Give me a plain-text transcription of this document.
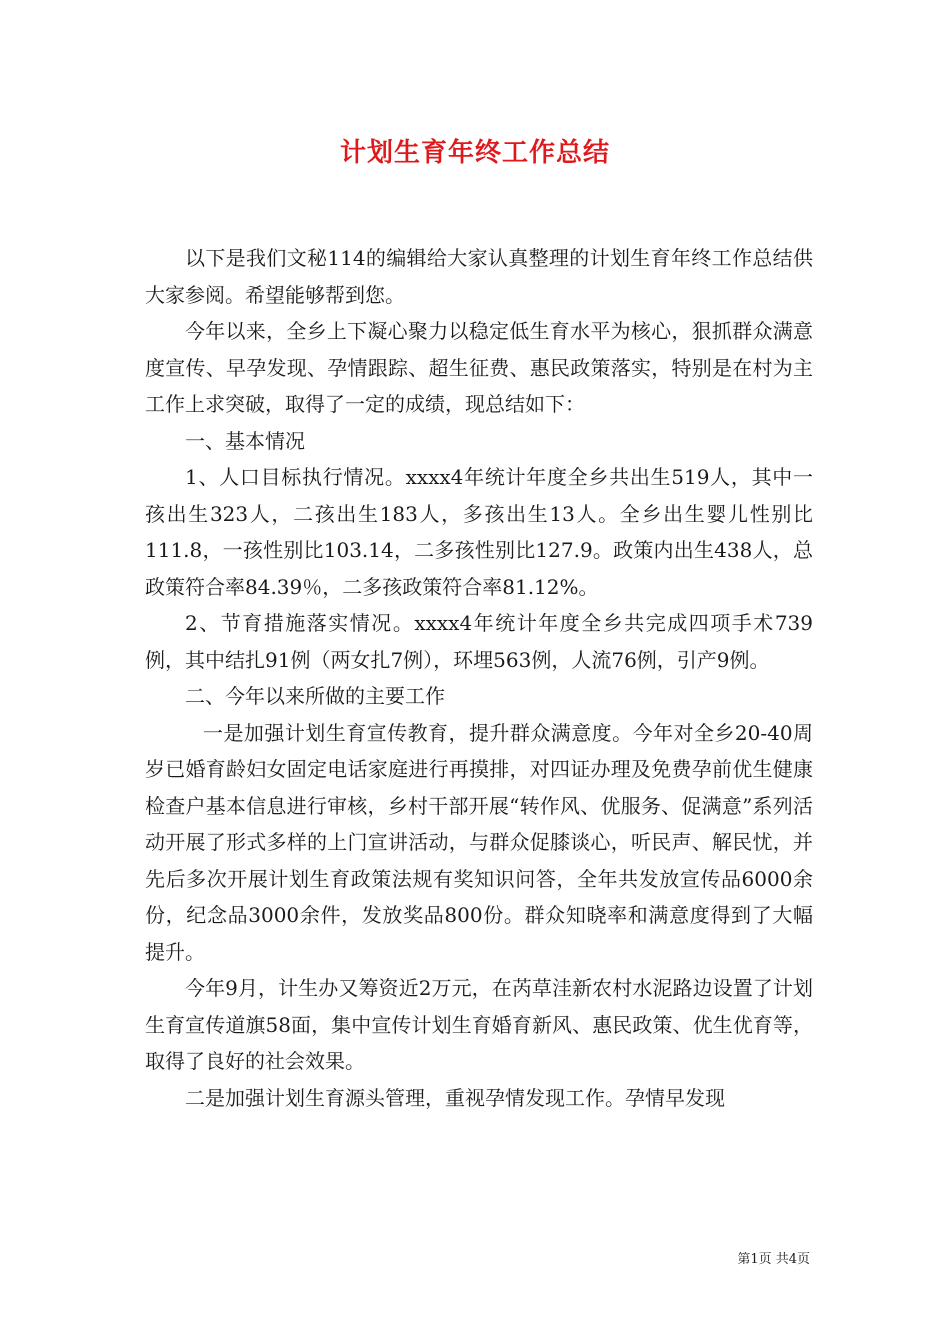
计划生育年终工作总结

以下是我们文秘114的编辑给大家认真整理的计划生育年终工作总结供大家参阅。希望能够帮到您。

今年以来，全乡上下凝心聚力以稳定低生育水平为核心，狠抓群众满意度宣传、早孕发现、孕情跟踪、超生征费、惠民政策落实，特别是在村为主工作上求突破，取得了一定的成绩，现总结如下：

一、基本情况

1、人口目标执行情况。xxxx4年统计年度全乡共出生519人，其中一孩出生323人，二孩出生183人，多孩出生13人。全乡出生婴儿性别比111.8，一孩性别比103.14，二多孩性别比127.9。政策内出生438人，总政策符合率84.39％，二多孩政策符合率81.12%。

2、节育措施落实情况。xxxx4年统计年度全乡共完成四项手术739例，其中结扎91例（两女扎7例），环埋563例，人流76例，引产9例。

二、今年以来所做的主要工作

一是加强计划生育宣传教育，提升群众满意度。今年对全乡20-40周岁已婚育龄妇女固定电话家庭进行再摸排，对四证办理及免费孕前优生健康检查户基本信息进行审核，乡村干部开展“转作风、优服务、促满意”系列活动开展了形式多样的上门宣讲活动，与群众促膝谈心，听民声、解民忧，并先后多次开展计划生育政策法规有奖知识问答，全年共发放宣传品6000余份，纪念品3000余件，发放奖品800份。群众知晓率和满意度得到了大幅提升。

今年9月，计生办又筹资近2万元，在芮草洼新农村水泥路边设置了计划生育宣传道旗58面，集中宣传计划生育婚育新风、惠民政策、优生优育等，取得了良好的社会效果。

二是加强计划生育源头管理，重视孕情发现工作。孕情早发现

第1页 共4页
